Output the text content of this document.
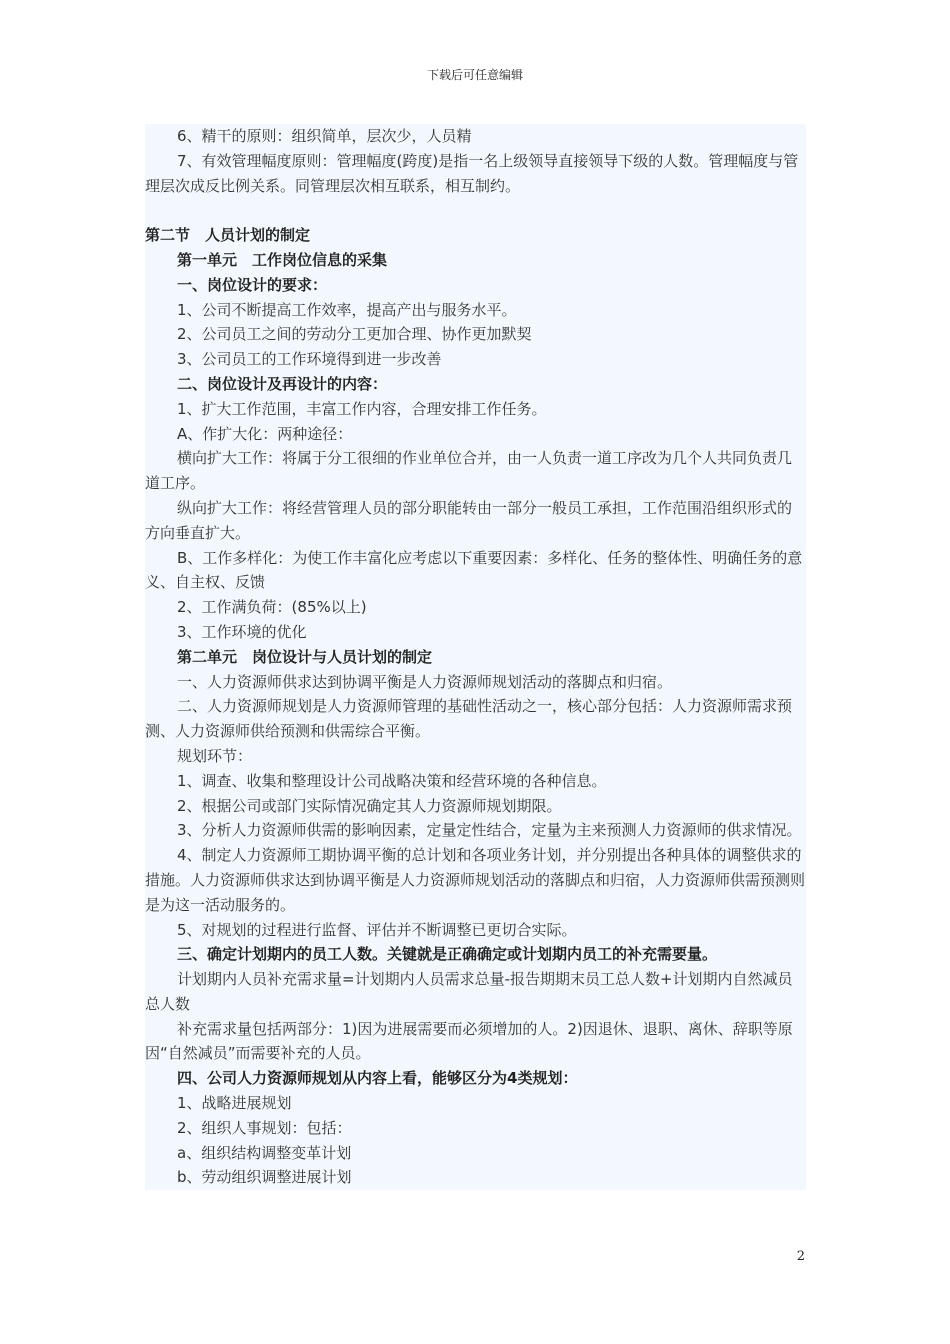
下载后可任意编辑

6、精干的原则：组织简单，层次少，人员精

7、有效管理幅度原则：管理幅度(跨度)是指一名上级领导直接领导下级的人数。管理幅度与管理层次成反比例关系。同管理层次相互联系，相互制约。

第二节　人员计划的制定

第一单元　工作岗位信息的采集

一、岗位设计的要求：

1、公司不断提高工作效率，提高产出与服务水平。

2、公司员工之间的劳动分工更加合理、协作更加默契

3、公司员工的工作环境得到进一步改善

二、岗位设计及再设计的内容：

1、扩大工作范围，丰富工作内容，合理安排工作任务。

A、作扩大化：两种途径：

横向扩大工作：将属于分工很细的作业单位合并，由一人负责一道工序改为几个人共同负责几道工序。

纵向扩大工作：将经营管理人员的部分职能转由一部分一般员工承担，工作范围沿组织形式的方向垂直扩大。

B、工作多样化：为使工作丰富化应考虑以下重要因素：多样化、任务的整体性、明确任务的意义、自主权、反馈

2、工作满负荷：(85%以上)

3、工作环境的优化

第二单元　岗位设计与人员计划的制定

一、人力资源师供求达到协调平衡是人力资源师规划活动的落脚点和归宿。

二、人力资源师规划是人力资源师管理的基础性活动之一，核心部分包括：人力资源师需求预测、人力资源师供给预测和供需综合平衡。

规划环节：

1、调查、收集和整理设计公司战略决策和经营环境的各种信息。

2、根据公司或部门实际情况确定其人力资源师规划期限。

3、分析人力资源师供需的影响因素，定量定性结合，定量为主来预测人力资源师的供求情况。

4、制定人力资源师工期协调平衡的总计划和各项业务计划，并分别提出各种具体的调整供求的措施。人力资源师供求达到协调平衡是人力资源师规划活动的落脚点和归宿，人力资源师供需预测则是为这一活动服务的。

5、对规划的过程进行监督、评估并不断调整已更切合实际。

三、确定计划期内的员工人数。关键就是正确确定或计划期内员工的补充需要量。

计划期内人员补充需求量=计划期内人员需求总量-报告期期末员工总人数+计划期内自然减员总人数

补充需求量包括两部分：1)因为进展需要而必须增加的人。2)因退休、退职、离休、辞职等原因“自然减员”而需要补充的人员。

四、公司人力资源师规划从内容上看，能够区分为4类规划：

1、战略进展规划

2、组织人事规划：包括：

a、组织结构调整变革计划

b、劳动组织调整进展计划

2
